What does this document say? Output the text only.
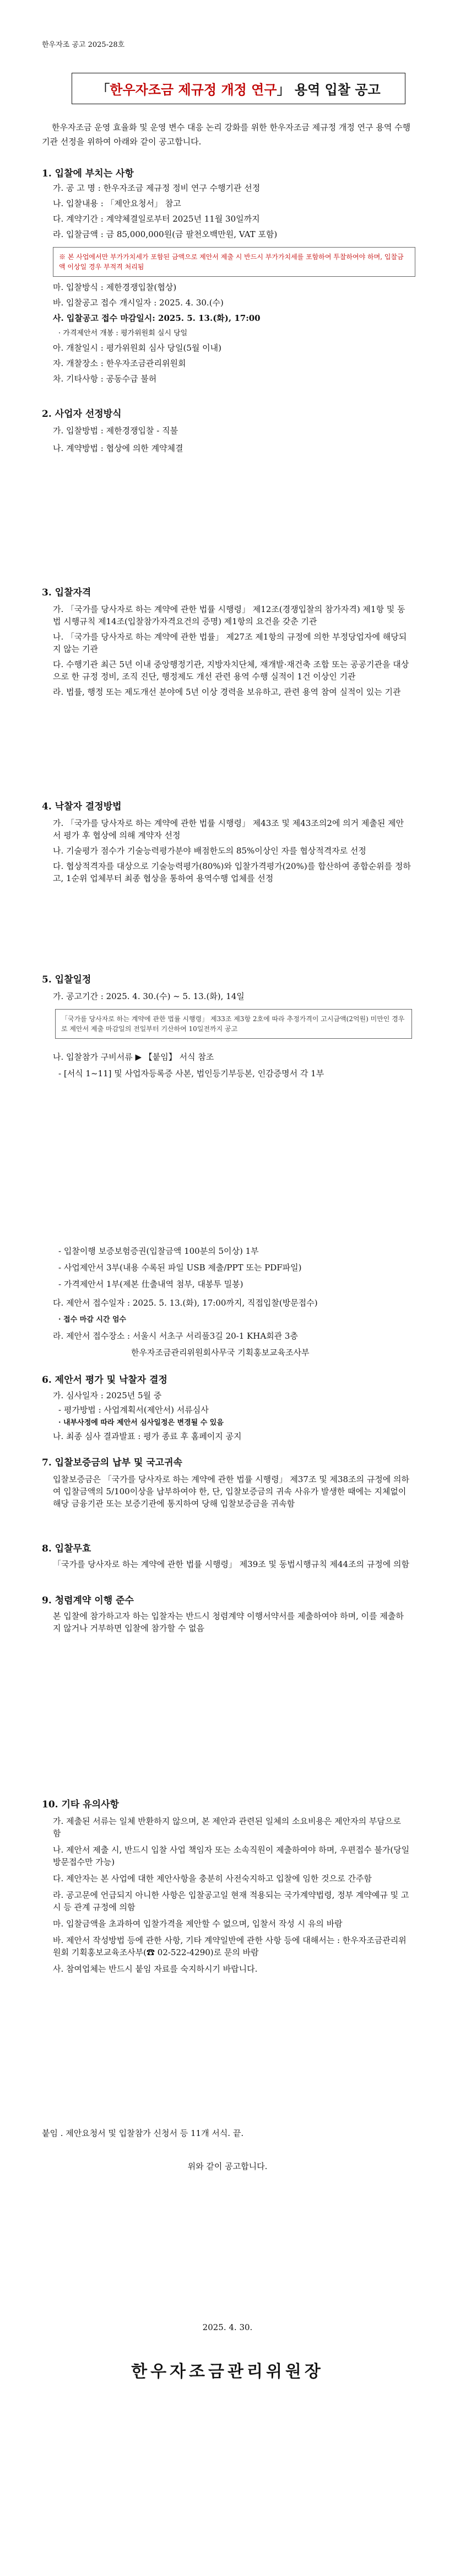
한우자조 공고 2025-28호
「한우자조금 제규정 개정 연구」 용역 입찰 공고
한우자조금 운영 효율화 및 운영 변수 대응 논리 강화를 위한 한우자조금 제규정 개정 연구 용역 수행기관 선정을 위하여 아래와 같이 공고합니다.
1. 입찰에 부치는 사항
가. 공 고 명 : 한우자조금 제규정 정비 연구 수행기관 선정
나. 입찰내용 : 「제안요청서」 참고
다. 계약기간 : 계약체결일로부터 2025년 11월 30일까지
라. 입찰금액 : 금 85,000,000원(금 팔천오백만원, VAT 포함)
※ 본 사업에서만 부가가치세가 포함된 금액으로 제안서 제출 시 반드시 부가가치세를 포함하여 투찰하여야 하며, 입찰금액 이상일 경우 부적격 처리됨
마. 입찰방식 : 제한경쟁입찰(협상)
바. 입찰공고 접수 개시일자 : 2025. 4. 30.(수)
사. 입찰공고 접수 마감일시: 2025. 5. 13.(화), 17:00
· 가격제안서 개봉 : 평가위원회 실시 당일
아. 개찰일시 : 평가위원회 심사 당일(5월 이내)
자. 개찰장소 : 한우자조금관리위원회
차. 기타사항 : 공동수급 불허
2. 사업자 선정방식
가. 입찰방법 : 제한경쟁입찰 - 직불
나. 계약방법 : 협상에 의한 계약체결
3. 입찰자격
가. 「국가를 당사자로 하는 계약에 관한 법률 시행령」 제12조(경쟁입찰의 참가자격) 제1항 및 동법 시행규칙 제14조(입찰참가자격요건의 증명) 제1항의 요건을 갖춘 기관
나. 「국가를 당사자로 하는 계약에 관한 법률」 제27조 제1항의 규정에 의한 부정당업자에 해당되지 않는 기관
다. 수행기관 최근 5년 이내 중앙행정기관, 지방자치단체, 재개발·재건축 조합 또는 공공기관을 대상으로 한 규정 정비, 조직 진단, 행정제도 개선 관련 용역 수행 실적이 1건 이상인 기관
라. 법률, 행정 또는 제도개선 분야에 5년 이상 경력을 보유하고, 관련 용역 참여 실적이 있는 기관
4. 낙찰자 결정방법
가. 「국가를 당사자로 하는 계약에 관한 법률 시행령」 제43조 및 제43조의2에 의거 제출된 제안서 평가 후 협상에 의해 계약자 선정
나. 기술평가 점수가 기술능력평가분야 배점한도의 85%이상인 자를 협상적격자로 선정
다. 협상적격자를 대상으로 기술능력평가(80%)와 입찰가격평가(20%)를 합산하여 종합순위를 정하고, 1순위 업체부터 최종 협상을 통하여 용역수행 업체를 선정
5. 입찰일정
가. 공고기간 : 2025. 4. 30.(수) ~ 5. 13.(화), 14일
「국가를 당사자로 하는 계약에 관한 법률 시행령」 제33조 제3항 2호에 따라 추정가격이 고시금액(2억원) 미만인 경우로 제안서 제출 마감일의 전일부터 기산하여 10일전까지 공고
나. 입찰참가 구비서류 ▶ 【붙임】 서식 참조
- [서식 1~11] 및 사업자등록증 사본, 법인등기부등본, 인감증명서 각 1부
- 입찰이행 보증보험증권(입찰금액 100분의 5이상) 1부
- 사업제안서 3부(내용 수록된 파일 USB 제출/PPT 또는 PDF파일)
- 가격제안서 1부(제본 仕출내역 첨부, 대봉투 밀봉)
다. 제안서 접수일자 : 2025. 5. 13.(화), 17:00까지, 직접입찰(방문접수)
· 접수 마감 시간 엄수
라. 제안서 접수장소 : 서울시 서초구 서리풀3길 20-1 KHA회관 3층
한우자조금관리위원회사무국 기획홍보교육조사부
6. 제안서 평가 및 낙찰자 결정
가. 심사일자 : 2025년 5월 중
- 평가방법 : 사업계획서(제안서) 서류심사
· 내부사정에 따라 제안서 심사일정은 변경될 수 있음
나. 최종 심사 결과발표 : 평가 종료 후 홈페이지 공지
7. 입찰보증금의 납부 및 국고귀속
입찰보증금은 「국가를 당사자로 하는 계약에 관한 법률 시행령」 제37조 및 제38조의 규정에 의하여 입찰금액의 5/100이상을 납부하여야 한, 단, 입찰보증금의 귀속 사유가 발생한 때에는 지체없이 해당 금융기관 또는 보증기관에 통지하여 당해 입찰보증금을 귀속함
8. 입찰무효
「국가를 당사자로 하는 계약에 관한 법률 시행령」 제39조 및 동법시행규칙 제44조의 규정에 의함
9. 청렴계약 이행 준수
본 입찰에 참가하고자 하는 입찰자는 반드시 청렴계약 이행서약서를 제출하여야 하며, 이를 제출하지 않거나 거부하면 입찰에 참가할 수 없음
10. 기타 유의사항
가. 제출된 서류는 일체 반환하지 않으며, 본 제안과 관련된 일체의 소요비용은 제안자의 부담으로 함
나. 제안서 제출 시, 반드시 입찰 사업 책임자 또는 소속직원이 제출하여야 하며, 우편접수 불가(당일 방문접수만 가능)
다. 제안자는 본 사업에 대한 제안사항을 충분히 사전숙지하고 입찰에 임한 것으로 간주함
라. 공고문에 언급되지 아니한 사항은 입찰공고일 현재 적용되는 국가계약법령, 정부 계약예규 및 고시 등 관계 규정에 의함
마. 입찰금액을 초과하여 입찰가격을 제안할 수 없으며, 입찰서 작성 시 유의 바람
바. 제안서 작성방법 등에 관한 사항, 기타 계약일반에 관한 사항 등에 대해서는 : 한우자조금관리위원회 기획홍보교육조사부(☎ 02-522-4290)로 문의 바람
사. 참여업체는 반드시 붙임 자료를 숙지하시기 바랍니다.
붙임 . 제안요청서 및 입찰참가 신청서 등 11개 서식. 끝.
위와 같이 공고합니다.
2025. 4. 30.
한우자조금관리위원장
